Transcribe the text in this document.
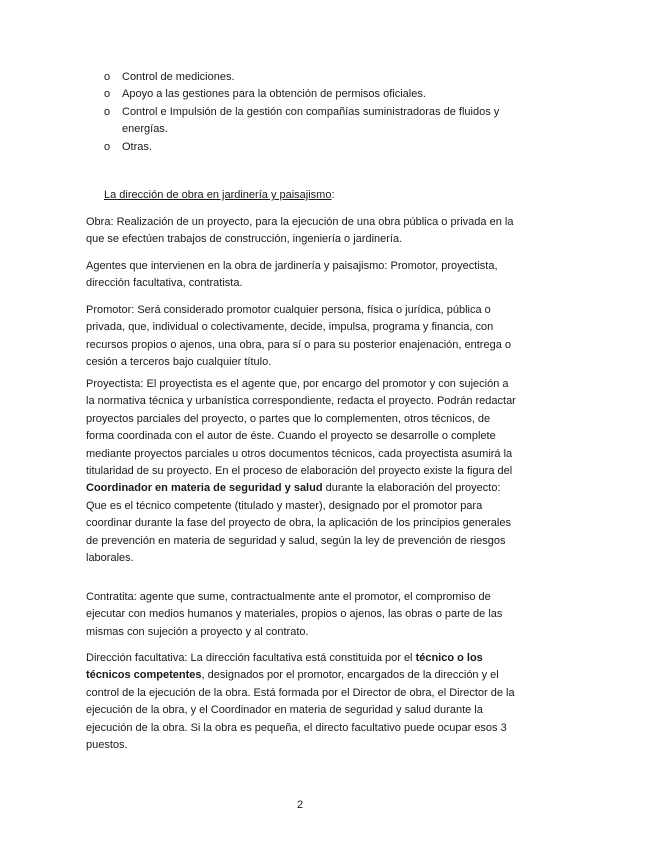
o Control de mediciones.
o Apoyo a las gestiones para la obtención de permisos oficiales.
o Control e Impulsión de la gestión con compañías suministradoras de fluidos y energías.
o Otras.
La dirección de obra en jardinería y paisajismo:

Obra: Realización de un proyecto, para la ejecución de una obra pública o privada en la que se efectúen trabajos de construcción, ingeniería o jardinería.

Agentes que intervienen en la obra de jardinería y paisajismo: Promotor, proyectista, dirección facultativa, contratista.

Promotor: Será considerado promotor cualquier persona, física o jurídica, pública o privada, que, individual o colectivamente, decide, impulsa, programa y financia, con recursos propios o ajenos, una obra, para sí o para su posterior enajenación, entrega o cesión a terceros bajo cualquier título.

Proyectista: El proyectista es el agente que, por encargo del promotor y con sujeción a la normativa técnica y urbanística correspondiente, redacta el proyecto. Podrán redactar proyectos parciales del proyecto, o partes que lo complementen, otros técnicos, de forma coordinada con el autor de éste. Cuando el proyecto se desarrolle o complete mediante proyectos parciales u otros documentos técnicos, cada proyectista asumirá la titularidad de su proyecto. En el proceso de elaboración del proyecto existe la figura del Coordinador en materia de seguridad y salud durante la elaboración del proyecto: Que es el técnico competente (titulado y master), designado por el promotor para coordinar durante la fase del proyecto de obra, la aplicación de los principios generales de prevención en materia de seguridad y salud, según la ley de prevención de riesgos laborales.

Contratita: agente que sume, contractualmente ante el promotor, el compromiso de ejecutar con medios humanos y materiales, propios o ajenos, las obras o parte de las mismas con sujeción a proyecto y al contrato.

Dirección facultativa: La dirección facultativa está constituida por el técnico o los técnicos competentes, designados por el promotor, encargados de la dirección y el control de la ejecución de la obra. Está formada por el Director de obra, el Director de la ejecución de la obra, y el Coordinador en materia de seguridad y salud durante la ejecución de la obra. Si la obra es pequeña, el directo facultativo puede ocupar esos 3 puestos.

2
